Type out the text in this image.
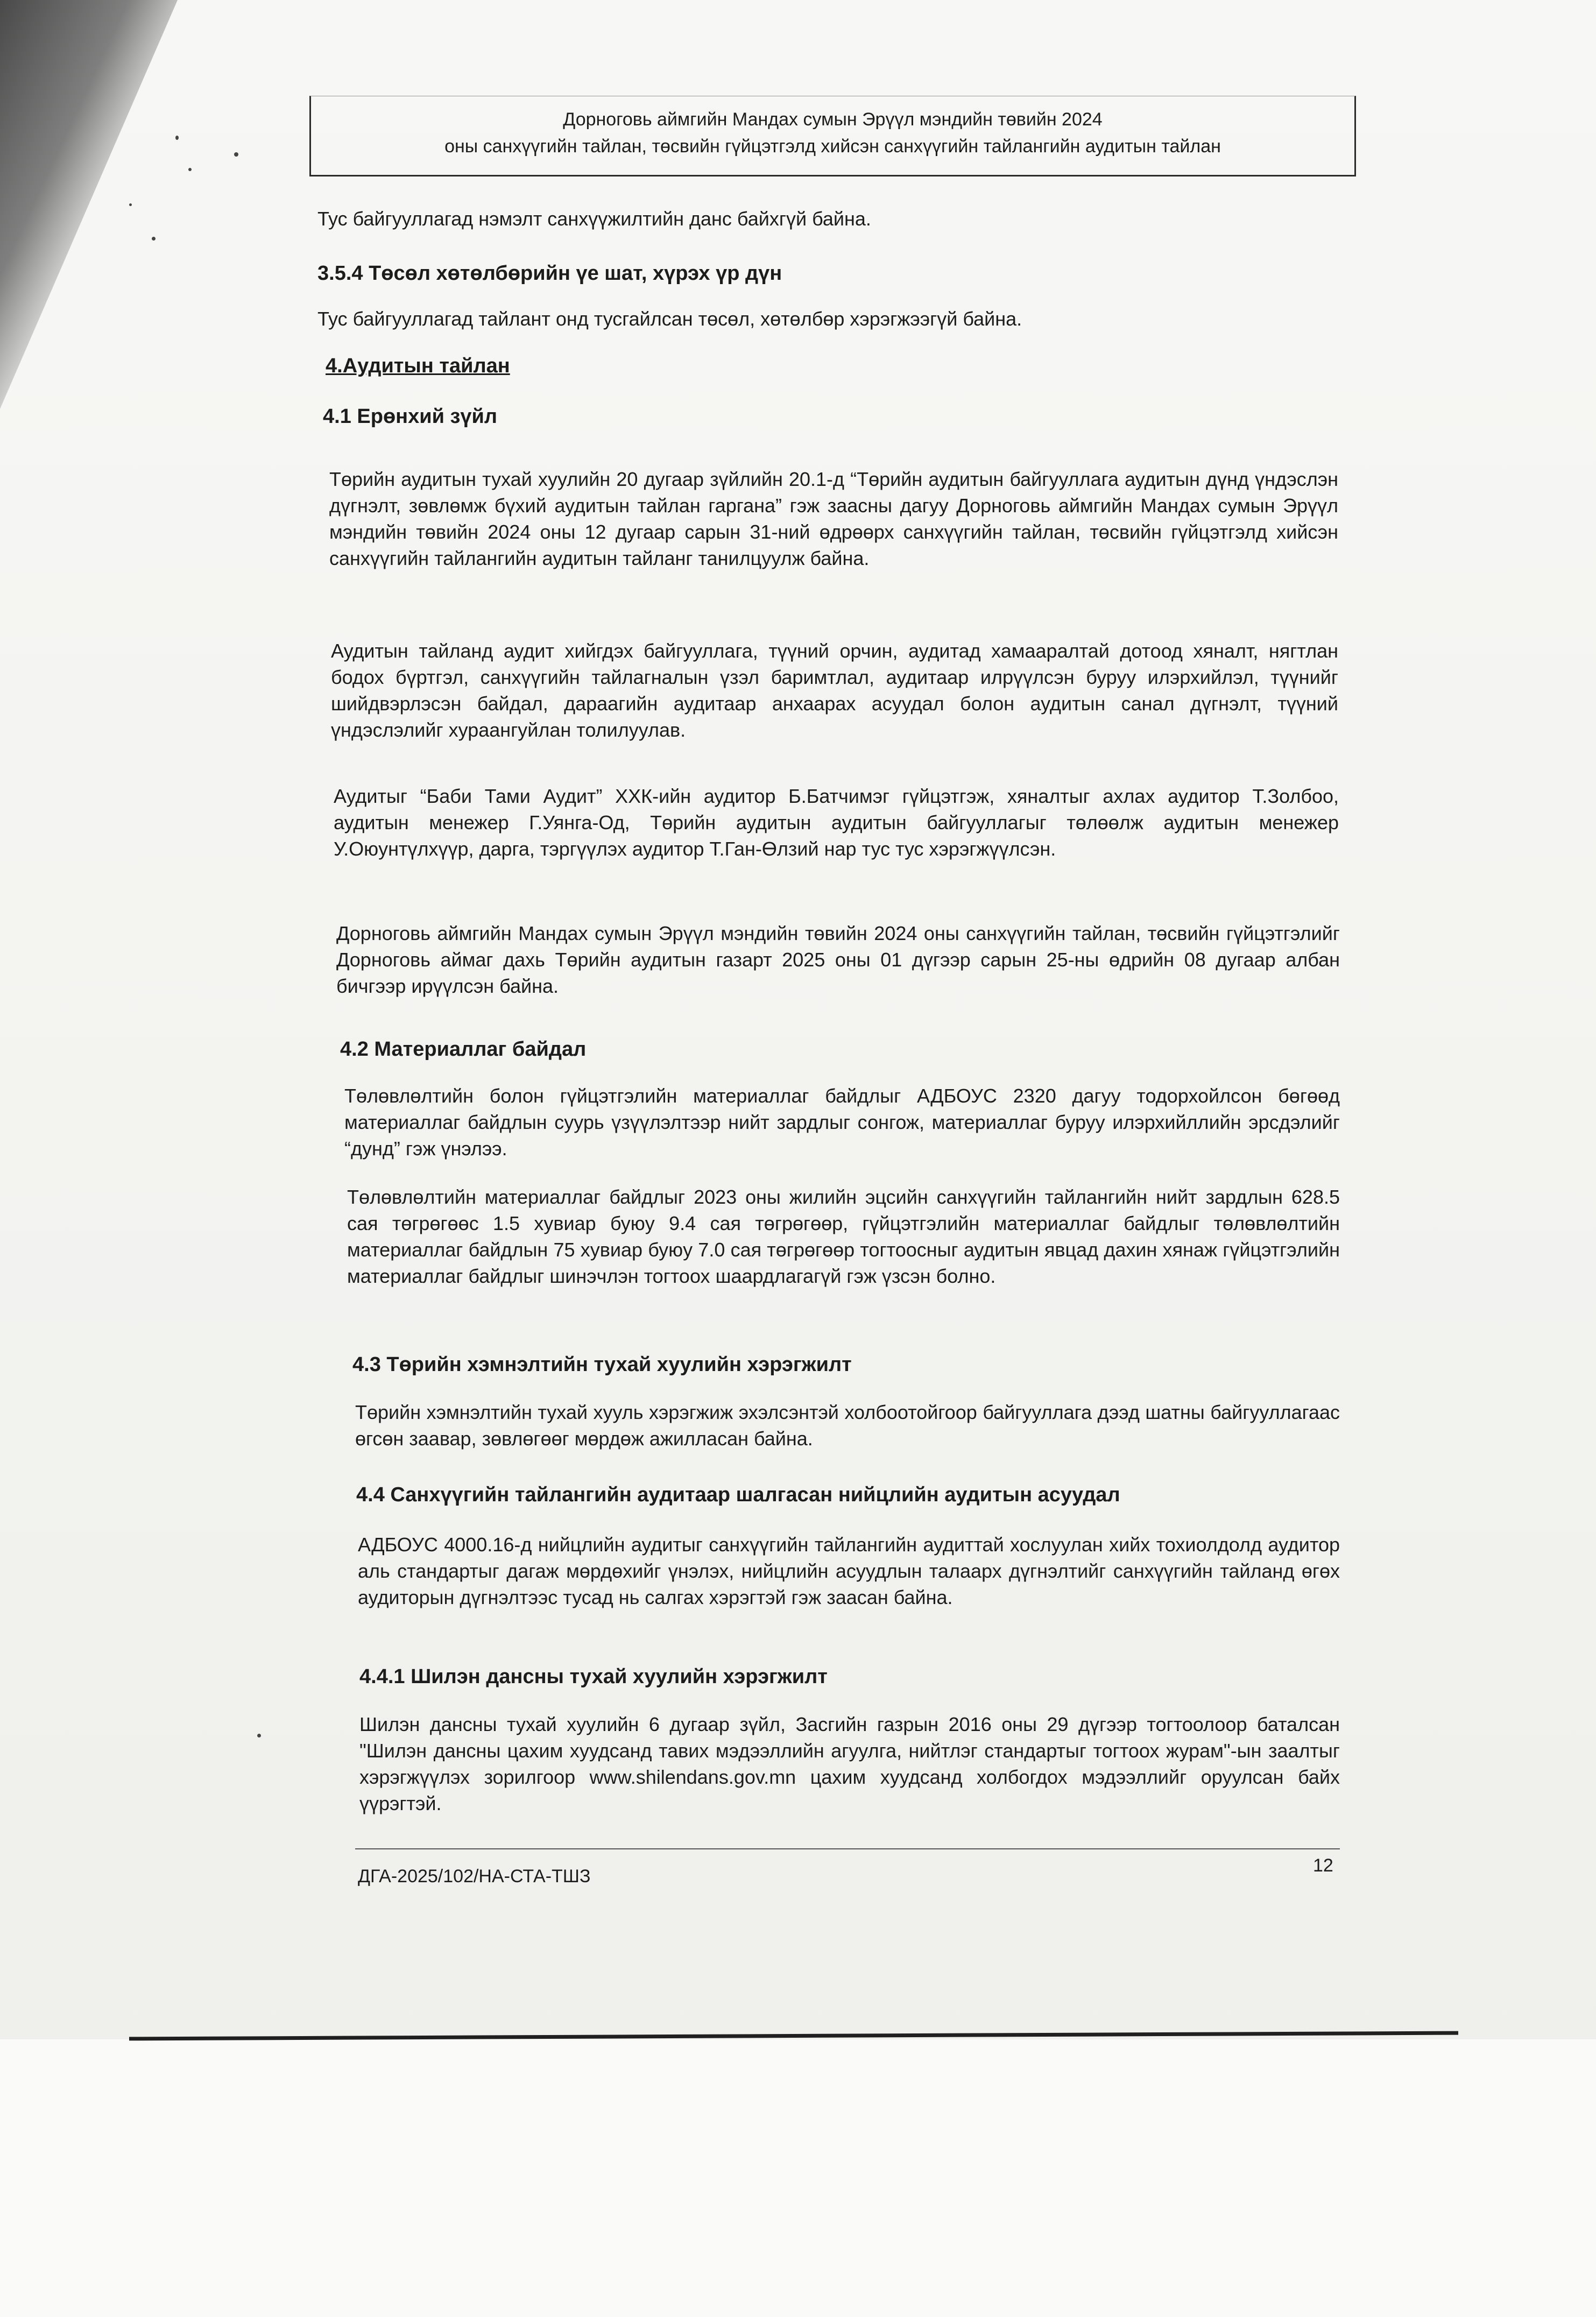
Дорноговь аймгийн Мандах сумын Эрүүл мэндийн төвийн 2024
оны санхүүгийн тайлан, төсвийн гүйцэтгэлд хийсэн санхүүгийн тайлангийн аудитын тайлан

Тус байгууллагад нэмэлт санхүүжилтийн данс байхгүй байна.

3.5.4 Төсөл хөтөлбөрийн үе шат, хүрэх үр дүн

Тус байгууллагад тайлант онд тусгайлсан төсөл, хөтөлбөр хэрэгжээгүй байна.

4.Аудитын тайлан
4.1 Ерөнхий зүйл

Төрийн аудитын тухай хуулийн 20 дугаар зүйлийн 20.1-д “Төрийн аудитын байгууллага аудитын дүнд үндэслэн дүгнэлт, зөвлөмж бүхий аудитын тайлан гаргана” гэж заасны дагуу Дорноговь аймгийн Мандах сумын Эрүүл мэндийн төвийн 2024 оны 12 дугаар сарын 31-ний өдрөөрх санхүүгийн тайлан, төсвийн гүйцэтгэлд хийсэн санхүүгийн тайлангийн аудитын тайланг танилцуулж байна.

Аудитын тайланд аудит хийгдэх байгууллага, түүний орчин, аудитад хамааралтай дотоод хяналт, нягтлан бодох бүртгэл, санхүүгийн тайлагналын үзэл баримтлал, аудитаар илрүүлсэн буруу илэрхийлэл, түүнийг шийдвэрлэсэн байдал, дараагийн аудитаар анхаарах асуудал болон аудитын санал дүгнэлт, түүний үндэслэлийг хураангуйлан толилуулав.

Аудитыг “Баби Тами Аудит” ХХК-ийн аудитор Б.Батчимэг гүйцэтгэж, хяналтыг ахлах аудитор Т.Золбоо, аудитын менежер Г.Уянга-Од, Төрийн аудитын аудитын байгууллагыг төлөөлж аудитын менежер У.Оюунтүлхүүр, дарга, тэргүүлэх аудитор Т.Ган-Өлзий нар тус тус хэрэгжүүлсэн.

Дорноговь аймгийн Мандах сумын Эрүүл мэндийн төвийн 2024 оны санхүүгийн тайлан, төсвийн гүйцэтгэлийг Дорноговь аймаг дахь Төрийн аудитын газарт 2025 оны 01 дүгээр сарын 25-ны өдрийн 08 дугаар албан бичгээр ирүүлсэн байна.

4.2 Материаллаг байдал

Төлөвлөлтийн болон гүйцэтгэлийн материаллаг байдлыг АДБОУС 2320 дагуу тодорхойлсон бөгөөд материаллаг байдлын суурь үзүүлэлтээр нийт зардлыг сонгож, материаллаг буруу илэрхийллийн эрсдэлийг “дунд” гэж үнэлээ.

Төлөвлөлтийн материаллаг байдлыг 2023 оны жилийн эцсийн санхүүгийн тайлангийн нийт зардлын 628.5 сая төгрөгөөс 1.5 хувиар буюу 9.4 сая төгрөгөөр, гүйцэтгэлийн материаллаг байдлыг төлөвлөлтийн материаллаг байдлын 75 хувиар буюу 7.0 сая төгрөгөөр тогтоосныг аудитын явцад дахин хянаж гүйцэтгэлийн материаллаг байдлыг шинэчлэн тогтоох шаардлагагүй гэж үзсэн болно.

4.3 Төрийн хэмнэлтийн тухай хуулийн хэрэгжилт

Төрийн хэмнэлтийн тухай хууль хэрэгжиж эхэлсэнтэй холбоотойгоор байгууллага дээд шатны байгууллагаас өгсөн заавар, зөвлөгөөг мөрдөж ажилласан байна.

4.4 Санхүүгийн тайлангийн аудитаар шалгасан нийцлийн аудитын асуудал

АДБОУС 4000.16-д нийцлийн аудитыг санхүүгийн тайлангийн аудиттай хослуулан хийх тохиолдолд аудитор аль стандартыг дагаж мөрдөхийг үнэлэх, нийцлийн асуудлын талаарх дүгнэлтийг санхүүгийн тайланд өгөх аудиторын дүгнэлтээс тусад нь салгах хэрэгтэй гэж заасан байна.

4.4.1 Шилэн дансны тухай хуулийн хэрэгжилт

Шилэн дансны тухай хуулийн 6 дугаар зүйл, Засгийн газрын 2016 оны 29 дүгээр тогтоолоор баталсан "Шилэн дансны цахим хуудсанд тавих мэдээллийн агуулга, нийтлэг стандартыг тогтоох журам"-ын заалтыг хэрэгжүүлэх зорилгоор www.shilendans.gov.mn цахим хуудсанд холбогдох мэдээллийг оруулсан байх үүрэгтэй.

ДГА-2025/102/НА-СТА-ТШЗ
12
